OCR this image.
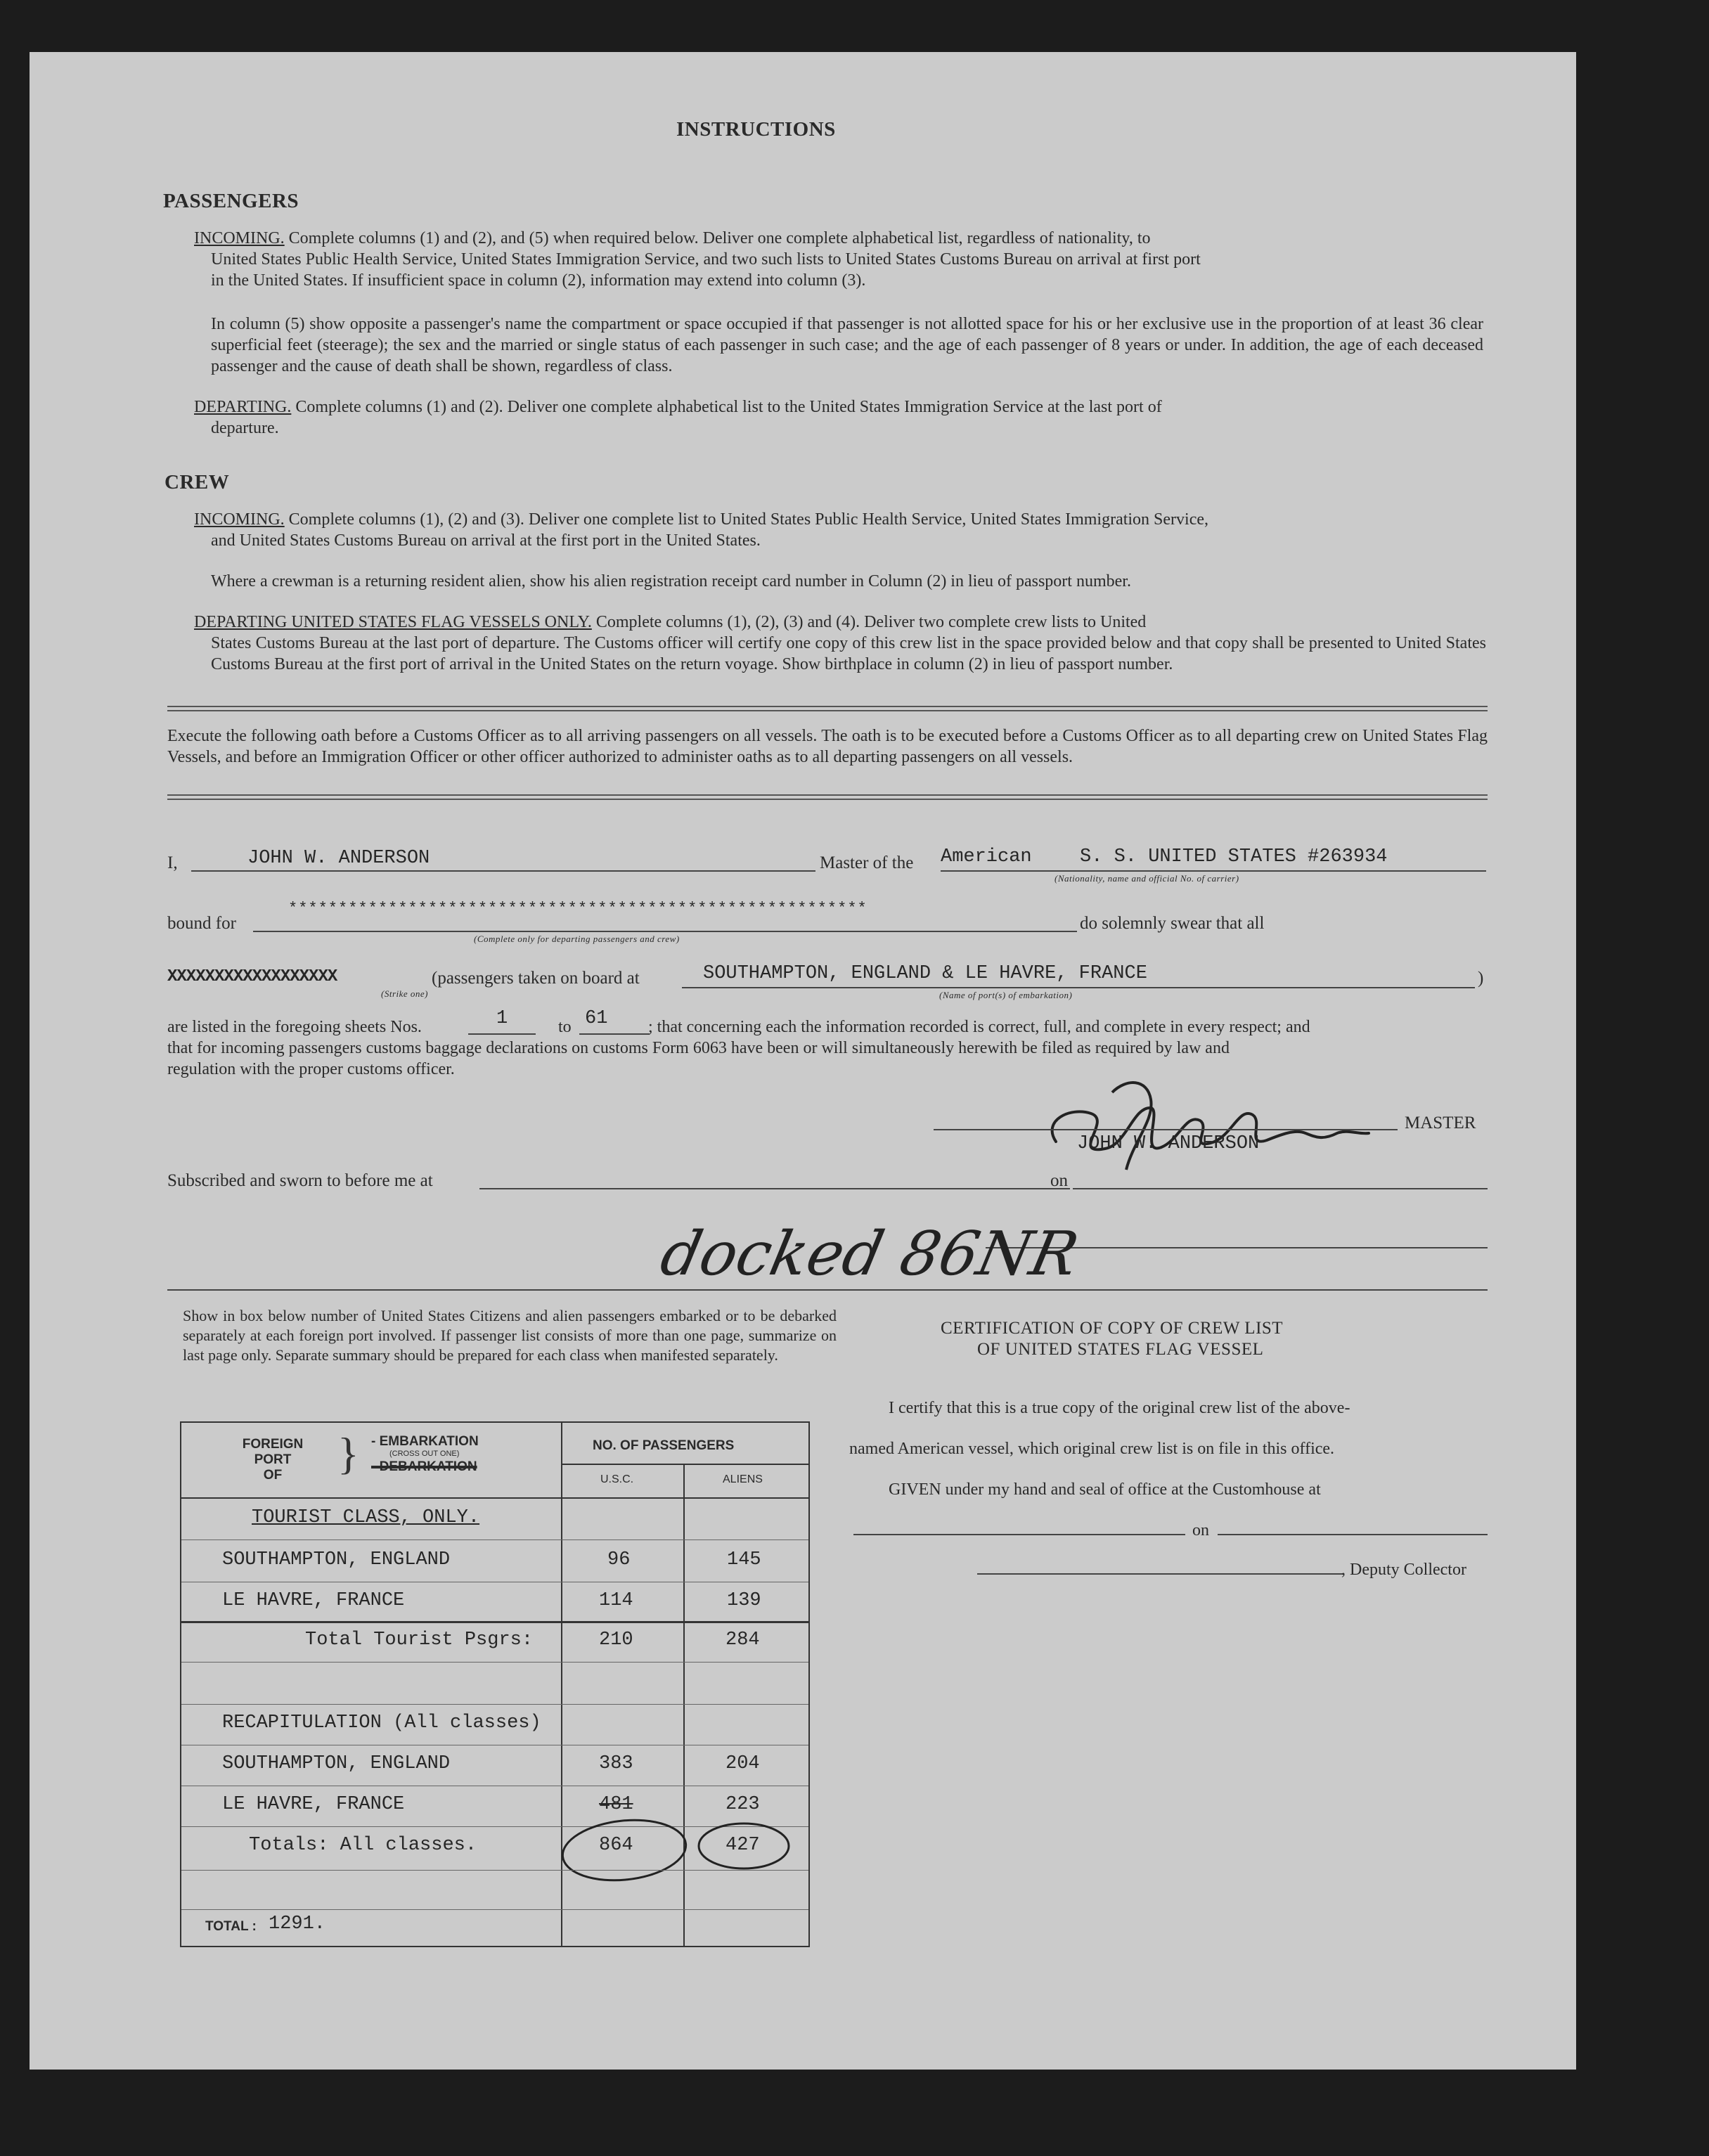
INSTRUCTIONS
PASSENGERS
INCOMING. Complete columns (1) and (2), and (5) when required below. Deliver one complete alphabetical list, regardless of nationality, to
United States Public Health Service, United States Immigration Service, and two such lists to United States Customs Bureau on arrival at first port
in the United States. If insufficient space in column (2), information may extend into column (3).
In column (5) show opposite a passenger's name the compartment or space occupied if that passenger is not allotted space for his or her exclusive use in the proportion of at least 36 clear superficial feet (steerage); the sex and the married or single status of each passenger in such case; and the age of each passenger of 8 years or under. In addition, the age of each deceased passenger and the cause of death shall be shown, regardless of class.
DEPARTING. Complete columns (1) and (2). Deliver one complete alphabetical list to the United States Immigration Service at the last port of
departure.
CREW
INCOMING. Complete columns (1), (2) and (3). Deliver one complete list to United States Public Health Service, United States Immigration Service,
and United States Customs Bureau on arrival at the first port in the United States.
Where a crewman is a returning resident alien, show his alien registration receipt card number in Column (2) in lieu of passport number.
DEPARTING UNITED STATES FLAG VESSELS ONLY. Complete columns (1), (2), (3) and (4). Deliver two complete crew lists to United
States Customs Bureau at the last port of departure. The Customs officer will certify one copy of this crew list in the space provided below and that copy shall be presented to United States Customs Bureau at the first port of arrival in the United States on the return voyage. Show birthplace in column (2) in lieu of passport number.
Execute the following oath before a Customs Officer as to all arriving passengers on all vessels. The oath is to be executed before a Customs Officer as to all departing crew on United States Flag Vessels, and before an Immigration Officer or other officer authorized to administer oaths as to all departing passengers on all vessels.
I,	JOHN W. ANDERSON	Master of the American	S. S. UNITED STATES #263934
(Nationality, name and official No. of carrier)
bound for
**********************************************************
do solemnly swear that all
(Complete only for departing passengers and crew)
XXXXXXXXXXXXXXXXXX
(Strike one)
(passengers taken on board at	SOUTHAMPTON, ENGLAND & LE HAVRE, FRANCE
(Name of port(s) of embarkation)
)
are listed in the foregoing sheets Nos.	1	to 61 ; that concerning each the information recorded is correct, full, and complete in every respect; and
that for incoming passengers customs baggage declarations on customs Form 6063 have been or will simultaneously herewith be filed as required by law and
regulation with the proper customs officer.
MASTER
JOHN W. ANDERSON
Subscribed and sworn to before me at	on
docked 86NR
Show in box below number of United States Citizens and alien passengers embarked or to be debarked separately at each foreign port involved. If passenger list consists of more than one page, summarize on last page only. Separate summary should be prepared for each class when manifested separately.
FOREIGN
PORT
OF	} - EMBARKATION
(CROSS OUT ONE)
- DEBARKATION
NO. OF PASSENGERS
U.S.C.	ALIENS
TOURIST CLASS, ONLY.
SOUTHAMPTON, ENGLAND	96	145
LE HAVRE, FRANCE	114	139
Total Tourist Psgrs:	210	284
RECAPITULATION (All classes)
SOUTHAMPTON, ENGLAND	383	204
LE HAVRE, FRANCE	481	223
Totals: All classes.	864	427
TOTAL : 1291.
CERTIFICATION OF COPY OF CREW LIST
OF UNITED STATES FLAG VESSEL
I certify that this is a true copy of the original crew list of the above-
named American vessel, which original crew list is on file in this office.
GIVEN under my hand and seal of office at the Customhouse at
on
, Deputy Collector
